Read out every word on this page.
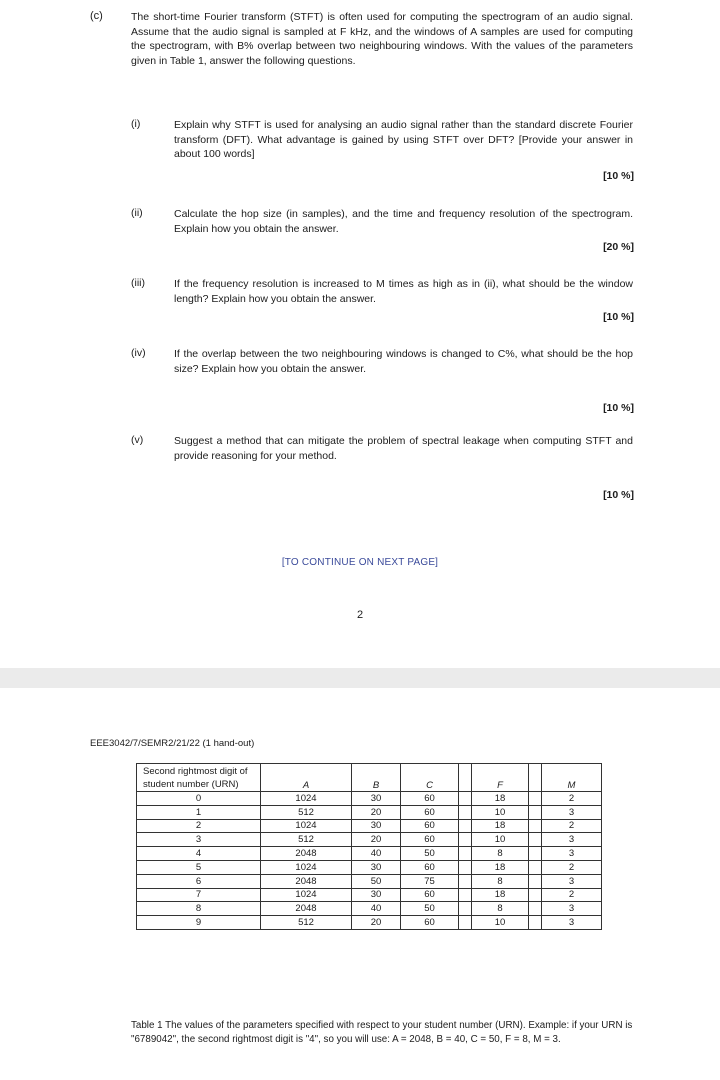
(c)	The short-time Fourier transform (STFT) is often used for computing the spectrogram of an audio signal. Assume that the audio signal is sampled at F kHz, and the windows of A samples are used for computing the spectrogram, with B% overlap between two neighbouring windows. With the values of the parameters given in Table 1, answer the following questions.

(i)	Explain why STFT is used for analysing an audio signal rather than the standard discrete Fourier transform (DFT). What advantage is gained by using STFT over DFT? [Provide your answer in about 100 words]

[10 %]
(ii)	Calculate the hop size (in samples), and the time and frequency resolution of the spectrogram. Explain how you obtain the answer.

[20 %]
(iii)	If the frequency resolution is increased to M times as high as in (ii), what should be the window length? Explain how you obtain the answer.

[10 %]
(iv)	If the overlap between the two neighbouring windows is changed to C%, what should be the hop size? Explain how you obtain the answer.

[10 %]
(v)	Suggest a method that can mitigate the problem of spectral leakage when computing STFT and provide reasoning for your method.

[10 %]
[TO CONTINUE ON NEXT PAGE]
2
EEE3042/7/SEMR2/21/22 (1 hand-out)
Second rightmost digit of student number (URN)	A	B	C		F		M
0	1024	30	60		18		2
1	512	20	60		10		3
2	1024	30	60		18		2
3	512	20	60		10		3
4	2048	40	50		8		3
5	1024	30	60		18		2
6	2048	50	75		8		3
7	1024	30	60		18		2
8	2048	40	50		8		3
9	512	20	60		10		3

Table 1 The values of the parameters specified with respect to your student number (URN). Example: if your URN is "6789042", the second rightmost digit is "4", so you will use: A = 2048, B = 40, C = 50, F = 8, M = 3.
